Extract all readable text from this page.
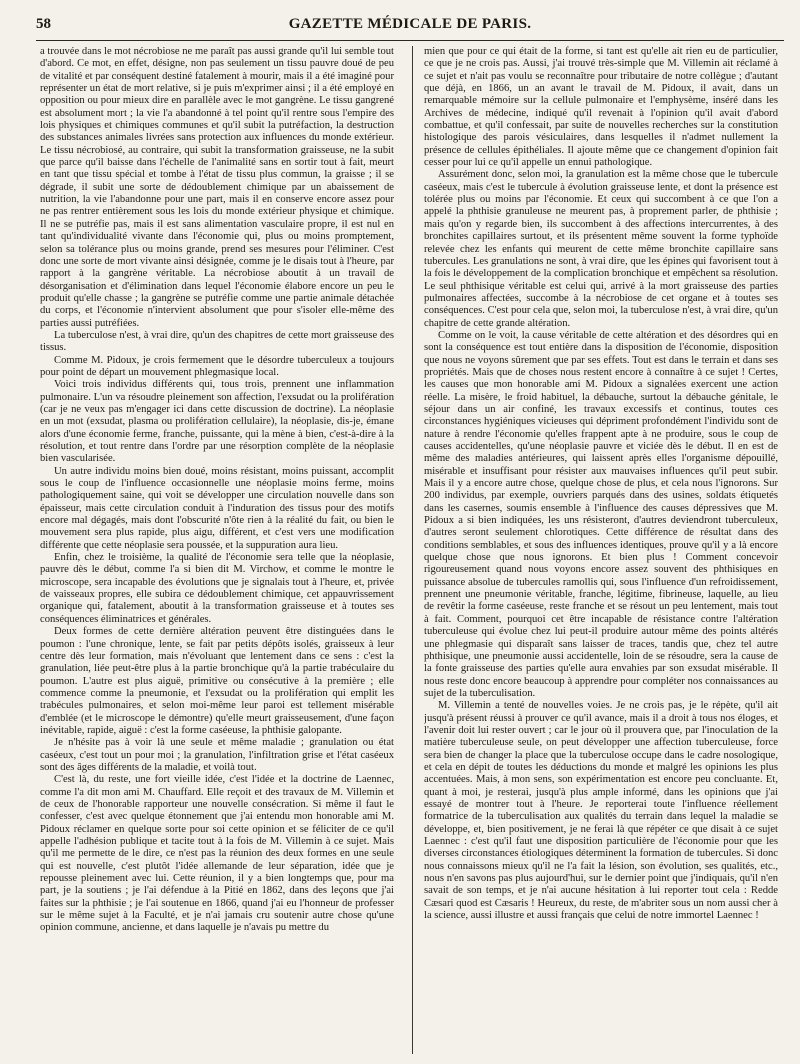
58	GAZETTE MÉDICALE DE PARIS.

a trouvée dans le mot nécrobiose ne me paraît pas aussi grande qu'il lui semble tout d'abord. Ce mot, en effet, désigne, non pas seulement un tissu pauvre doué de peu de vitalité et par conséquent destiné fatalement à mourir, mais il a été imaginé pour représenter un état de mort relative, si je puis m'exprimer ainsi ; il a été employé en opposition ou pour mieux dire en parallèle avec le mot gangrène. Le tissu gangrené est absolument mort ; la vie l'a abandonné à tel point qu'il rentre sous l'empire des lois physiques et chimiques communes et qu'il subit la putréfaction, la destruction des substances animales livrées sans protection aux influences du monde extérieur. Le tissu nécrobiosé, au contraire, qui subit la transformation graisseuse, ne la subit que parce qu'il baisse dans l'échelle de l'animalité sans en sortir tout à fait, meurt en tant que tissu spécial et tombe à l'état de tissu plus commun, la graisse ; il se dégrade, il subit une sorte de dédoublement chimique par un abaissement de nutrition, la vie l'abandonne pour une part, mais il en conserve encore assez pour ne pas rentrer entièrement sous les lois du monde extérieur physique et chimique. Il ne se putréfie pas, mais il est sans alimentation vasculaire propre, il est nul en tant qu'individualité vivante dans l'économie qui, plus ou moins promptement, selon sa tolérance plus ou moins grande, prend ses mesures pour l'éliminer. C'est donc une sorte de mort vivante ainsi désignée, comme je le disais tout à l'heure, par rapport à la gangrène véritable. La nécrobiose aboutit à un travail de désorganisation et d'élimination dans lequel l'économie élabore encore un peu le produit qu'elle chasse ; la gangrène se putréfie comme une partie animale détachée du corps, et l'économie n'intervient absolument que pour s'isoler elle-même des parties aussi putréfiées.

La tuberculose n'est, à vrai dire, qu'un des chapitres de cette mort graisseuse des tissus.

Comme M. Pidoux, je crois fermement que le désordre tuberculeux a toujours pour point de départ un mouvement phlegmasique local.

Voici trois individus différents qui, tous trois, prennent une inflammation pulmonaire. L'un va résoudre pleinement son affection, l'exsudat ou la prolifération (car je ne veux pas m'engager ici dans cette discussion de doctrine). La néoplasie en un mot (exsudat, plasma ou prolifération cellulaire), la néoplasie, dis-je, émane alors d'une économie ferme, franche, puissante, qui la mène à bien, c'est-à-dire à la résolution, et tout rentre dans l'ordre par une résorption complète de la néoplasie bien vascularisée.

Un autre individu moins bien doué, moins résistant, moins puissant, accomplit sous le coup de l'influence occasionnelle une néoplasie moins ferme, moins pathologiquement saine, qui voit se développer une circulation nouvelle dans son épaisseur, mais cette circulation conduit à l'induration des tissus pour des motifs encore mal dégagés, mais dont l'obscurité n'ôte rien à la réalité du fait, ou bien le mouvement sera plus rapide, plus aigu, différent, et c'est vers une modification différente que cette néoplasie sera poussée, et la suppuration aura lieu.

Enfin, chez le troisième, la qualité de l'économie sera telle que la néoplasie, pauvre dès le début, comme l'a si bien dit M. Virchow, et comme le montre le microscope, sera incapable des évolutions que je signalais tout à l'heure, et, privée de vaisseaux propres, elle subira ce dédoublement chimique, cet appauvrissement organique qui, fatalement, aboutit à la transformation graisseuse et à toutes ses conséquences éliminatrices et générales.

Deux formes de cette dernière altération peuvent être distinguées dans le poumon : l'une chronique, lente, se fait par petits dépôts isolés, graisseux à leur centre dès leur formation, mais n'évoluant que lentement dans ce sens : c'est la granulation, liée peut-être plus à la partie bronchique qu'à la partie trabéculaire du poumon. L'autre est plus aiguë, primitive ou consécutive à la première ; elle commence comme la pneumonie, et l'exsudat ou la prolifération qui emplit les trabécules pulmonaires, et selon moi-même leur paroi est tellement misérable d'emblée (et le microscope le démontre) qu'elle meurt graisseusement, d'une façon inévitable, rapide, aiguë : c'est la forme caséeuse, la phthisie galopante.

Je n'hésite pas à voir là une seule et même maladie ; granulation ou état caséeux, c'est tout un pour moi ; la granulation, l'infiltration grise et l'état caséeux sont des âges différents de la maladie, et voilà tout.

C'est là, du reste, une fort vieille idée, c'est l'idée et la doctrine de Laennec, comme l'a dit mon ami M. Chauffard. Elle reçoit et des travaux de M. Villemin et de ceux de l'honorable rapporteur une nouvelle consécration. Si même il faut le confesser, c'est avec quelque étonnement que j'ai entendu mon honorable ami M. Pidoux réclamer en quelque sorte pour soi cette opinion et se féliciter de ce qu'il appelle l'adhésion publique et tacite tout à la fois de M. Villemin à ce sujet. Mais qu'il me permette de le dire, ce n'est pas la réunion des deux formes en une seule qui est nouvelle, c'est plutôt l'idée allemande de leur séparation, idée que je repousse pleinement avec lui. Cette réunion, il y a bien longtemps que, pour ma part, je la soutiens ; je l'ai défendue à la Pitié en 1862, dans des leçons que j'ai faites sur la phthisie ; je l'ai soutenue en 1866, quand j'ai eu l'honneur de professer sur le même sujet à la Faculté, et je n'ai jamais cru soutenir autre chose qu'une opinion commune, ancienne, et dans laquelle je n'avais pu mettre du

mien que pour ce qui était de la forme, si tant est qu'elle ait rien eu de particulier, ce que je ne crois pas. Aussi, j'ai trouvé très-simple que M. Villemin ait réclamé à ce sujet et n'ait pas voulu se reconnaître pour tributaire de notre collègue ; d'autant que déjà, en 1866, un an avant le travail de M. Pidoux, il avait, dans un remarquable mémoire sur la cellule pulmonaire et l'emphysème, inséré dans les Archives de médecine, indiqué qu'il revenait à l'opinion qu'il avait d'abord combattue, et qu'il confessait, par suite de nouvelles recherches sur la constitution histologique des parois vésiculaires, dans lesquelles il n'admet nullement la présence de cellules épithéliales. Il ajoute même que ce changement d'opinion fait cesser pour lui ce qu'il appelle un ennui pathologique.

Assurément donc, selon moi, la granulation est la même chose que le tubercule caséeux, mais c'est le tubercule à évolution graisseuse lente, et dont la présence est tolérée plus ou moins par l'économie. Et ceux qui succombent à ce que l'on a appelé la phthisie granuleuse ne meurent pas, à proprement parler, de phthisie ; mais qu'on y regarde bien, ils succombent à des affections intercurrentes, à des bronchites capillaires surtout, et ils présentent même souvent la forme typhoïde relevée chez les enfants qui meurent de cette même bronchite capillaire sans tubercules. Les granulations ne sont, à vrai dire, que les épines qui favorisent tout à la fois le développement de la complication bronchique et empêchent sa résolution. Le seul phthisique véritable est celui qui, arrivé à la mort graisseuse des parties pulmonaires affectées, succombe à la nécrobiose de cet organe et à toutes ses conséquences. C'est pour cela que, selon moi, la tuberculose n'est, à vrai dire, qu'un chapitre de cette grande altération.

Comme on le voit, la cause véritable de cette altération et des désordres qui en sont la conséquence est tout entière dans la disposition de l'économie, disposition que nous ne voyons sûrement que par ses effets. Tout est dans le terrain et dans ses propriétés. Mais que de choses nous restent encore à connaître à ce sujet ! Certes, les causes que mon honorable ami M. Pidoux a signalées exercent une action réelle. La misère, le froid habituel, la débauche, surtout la débauche génitale, le séjour dans un air confiné, les travaux excessifs et continus, toutes ces circonstances hygiéniques vicieuses qui dépriment profondément l'individu sont de nature à rendre l'économie qu'elles frappent apte à ne produire, sous le coup de causes accidentelles, qu'une néoplasie pauvre et viciée dès le début. Il en est de même des maladies antérieures, qui laissent après elles l'organisme dépouillé, misérable et insuffisant pour résister aux mauvaises influences qu'il peut subir. Mais il y a encore autre chose, quelque chose de plus, et cela nous l'ignorons. Sur 200 individus, par exemple, ouvriers parqués dans des usines, soldats étiquetés dans les casernes, soumis ensemble à l'influence des causes dépressives que M. Pidoux a si bien indiquées, les uns résisteront, d'autres deviendront tuberculeux, d'autres seront seulement chlorotiques. Cette différence de résultat dans des conditions semblables, et sous des influences identiques, prouve qu'il y a là encore quelque chose que nous ignorons. Et bien plus ! Comment concevoir rigoureusement quand nous voyons encore assez souvent des phthisiques en puissance absolue de tubercules ramollis qui, sous l'influence d'un refroidissement, prennent une pneumonie véritable, franche, légitime, fibrineuse, laquelle, au lieu de revêtir la forme caséeuse, reste franche et se résout un peu lentement, mais tout à fait. Comment, pourquoi cet être incapable de résistance contre l'altération tuberculeuse qui évolue chez lui peut-il produire autour même des points altérés une phlegmasie qui disparaît sans laisser de traces, tandis que, chez tel autre phthisique, une pneumonie aussi accidentelle, loin de se résoudre, sera la cause de la fonte graisseuse des parties qu'elle aura envahies par son exsudat misérable. Il nous reste donc encore beaucoup à apprendre pour compléter nos connaissances au sujet de la tuberculisation.

M. Villemin a tenté de nouvelles voies. Je ne crois pas, je le répète, qu'il ait jusqu'à présent réussi à prouver ce qu'il avance, mais il a droit à tous nos éloges, et l'avenir doit lui rester ouvert ; car le jour où il prouvera que, par l'inoculation de la matière tuberculeuse seule, on peut développer une affection tuberculeuse, force sera bien de changer la place que la tuberculose occupe dans le cadre nosologique, et cela en dépit de toutes les déductions du monde et malgré les opinions les plus accentuées. Mais, à mon sens, son expérimentation est encore peu concluante. Et, quant à moi, je resterai, jusqu'à plus ample informé, dans les opinions que j'ai essayé de montrer tout à l'heure. Je reporterai toute l'influence réellement formatrice de la tuberculisation aux qualités du terrain dans lequel la maladie se développe, et, bien positivement, je ne ferai là que répéter ce que disait à ce sujet Laennec : c'est qu'il faut une disposition particulière de l'économie pour que les diverses circonstances étiologiques déterminent la formation de tubercules. Si donc nous connaissons mieux qu'il ne l'a fait la lésion, son évolution, ses qualités, etc., nous n'en savons pas plus aujourd'hui, sur le dernier point que j'indiquais, qu'il n'en savait de son temps, et je n'ai aucune hésitation à lui reporter tout cela : Redde Cæsari quod est Cæsaris ! Heureux, du reste, de m'abriter sous un nom aussi cher à la science, aussi illustre et aussi français que celui de notre immortel Laennec !
